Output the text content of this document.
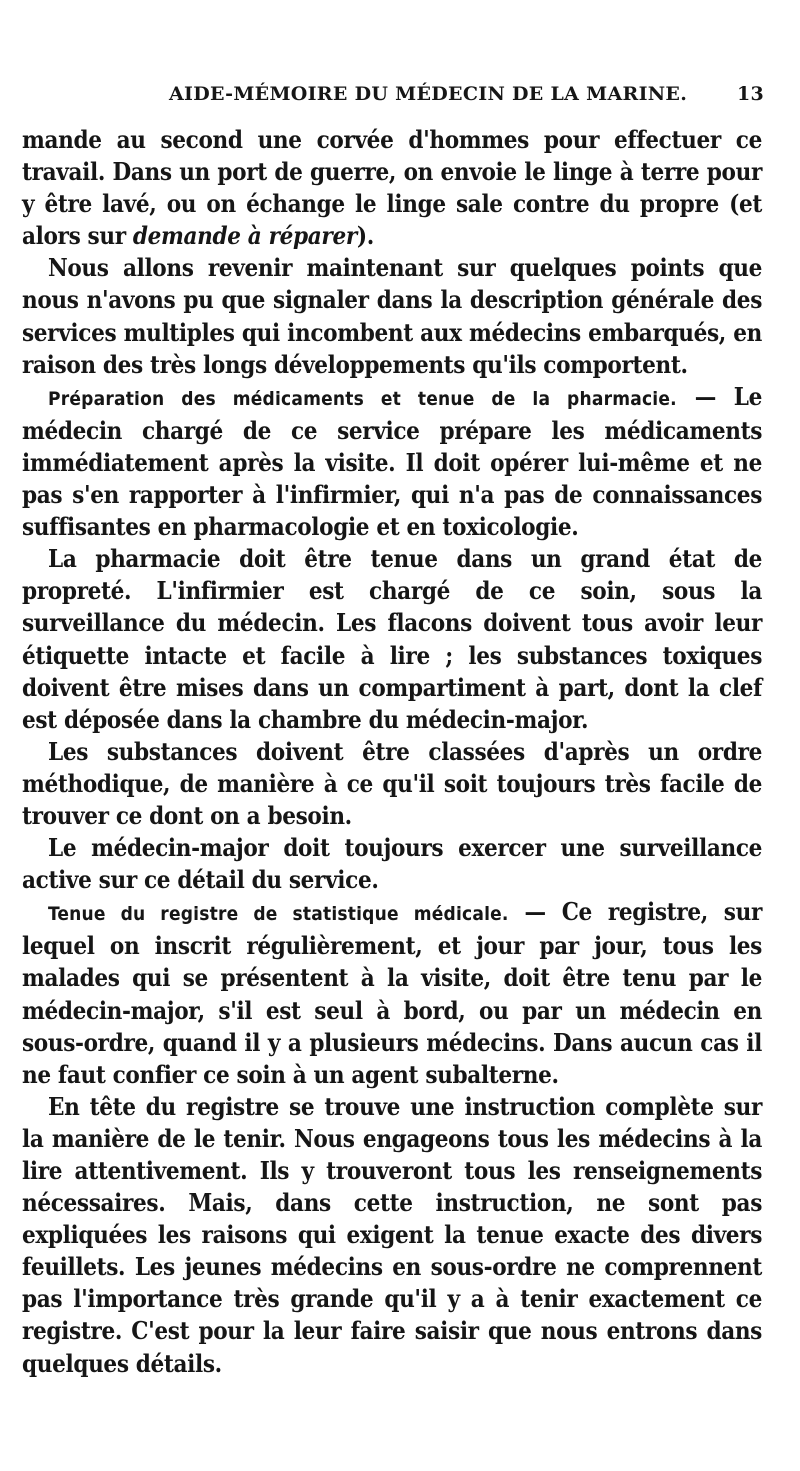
AIDE-MÉMOIRE DU MÉDECIN DE LA MARINE.	13

mande au second une corvée d'hommes pour effectuer ce travail. Dans un port de guerre, on envoie le linge à terre pour y être lavé, ou on échange le linge sale contre du propre (et alors sur demande à réparer).

Nous allons revenir maintenant sur quelques points que nous n'avons pu que signaler dans la description générale des services multiples qui incombent aux médecins embarqués, en raison des très longs développements qu'ils comportent.

Préparation des médicaments et tenue de la pharmacie. — Le médecin chargé de ce service prépare les médicaments immédiatement après la visite. Il doit opérer lui-même et ne pas s'en rapporter à l'infirmier, qui n'a pas de connaissances suffisantes en pharmacologie et en toxicologie.

La pharmacie doit être tenue dans un grand état de propreté. L'infirmier est chargé de ce soin, sous la surveillance du médecin. Les flacons doivent tous avoir leur étiquette intacte et facile à lire ; les substances toxiques doivent être mises dans un compartiment à part, dont la clef est déposée dans la chambre du médecin-major.

Les substances doivent être classées d'après un ordre méthodique, de manière à ce qu'il soit toujours très facile de trouver ce dont on a besoin.

Le médecin-major doit toujours exercer une surveillance active sur ce détail du service.

Tenue du registre de statistique médicale. — Ce registre, sur lequel on inscrit régulièrement, et jour par jour, tous les malades qui se présentent à la visite, doit être tenu par le médecin-major, s'il est seul à bord, ou par un médecin en sous-ordre, quand il y a plusieurs médecins. Dans aucun cas il ne faut confier ce soin à un agent subalterne.

En tête du registre se trouve une instruction complète sur la manière de le tenir. Nous engageons tous les médecins à la lire attentivement. Ils y trouveront tous les renseignements nécessaires. Mais, dans cette instruction, ne sont pas expliquées les raisons qui exigent la tenue exacte des divers feuillets. Les jeunes médecins en sous-ordre ne comprennent pas l'importance très grande qu'il y a à tenir exactement ce registre. C'est pour la leur faire saisir que nous entrons dans quelques détails.
